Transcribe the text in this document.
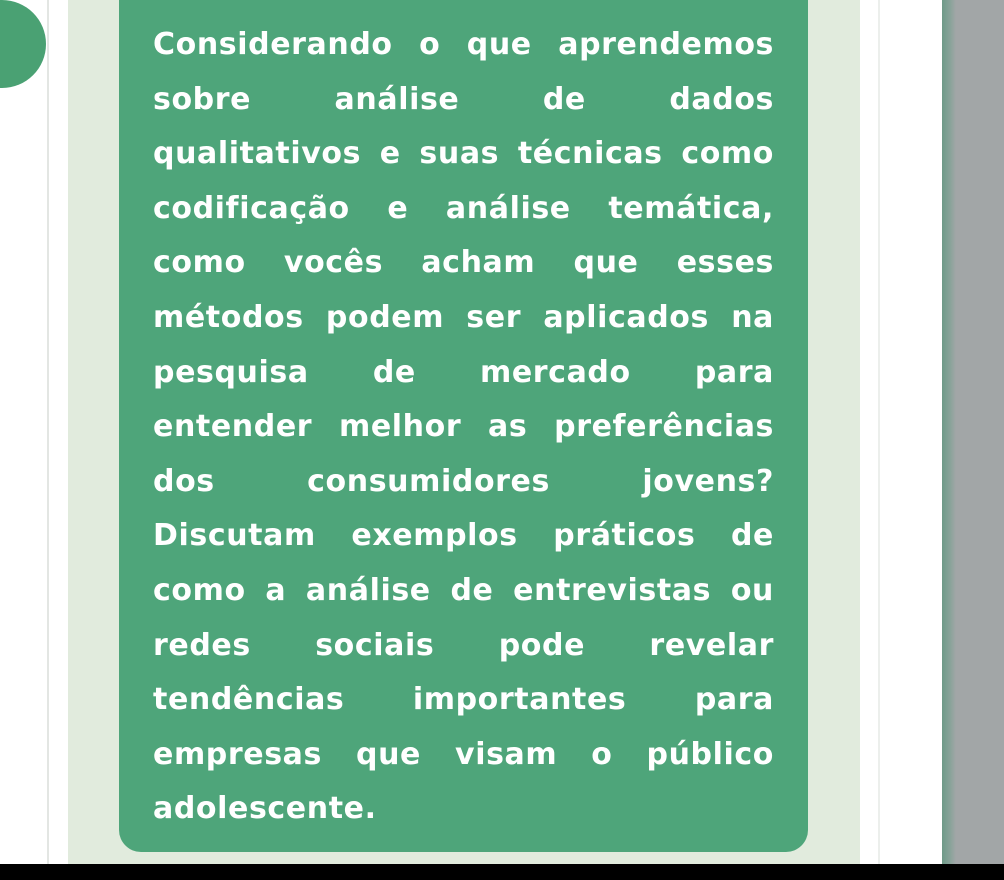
Considerando o que aprendemos sobre análise de dados qualitativos e suas técnicas como codificação e análise temática, como vocês acham que esses métodos podem ser aplicados na pesquisa de mercado para entender melhor as preferências dos consumidores jovens? Discutam exemplos práticos de como a análise de entrevistas ou redes sociais pode revelar tendências importantes para empresas que visam o público adolescente.
